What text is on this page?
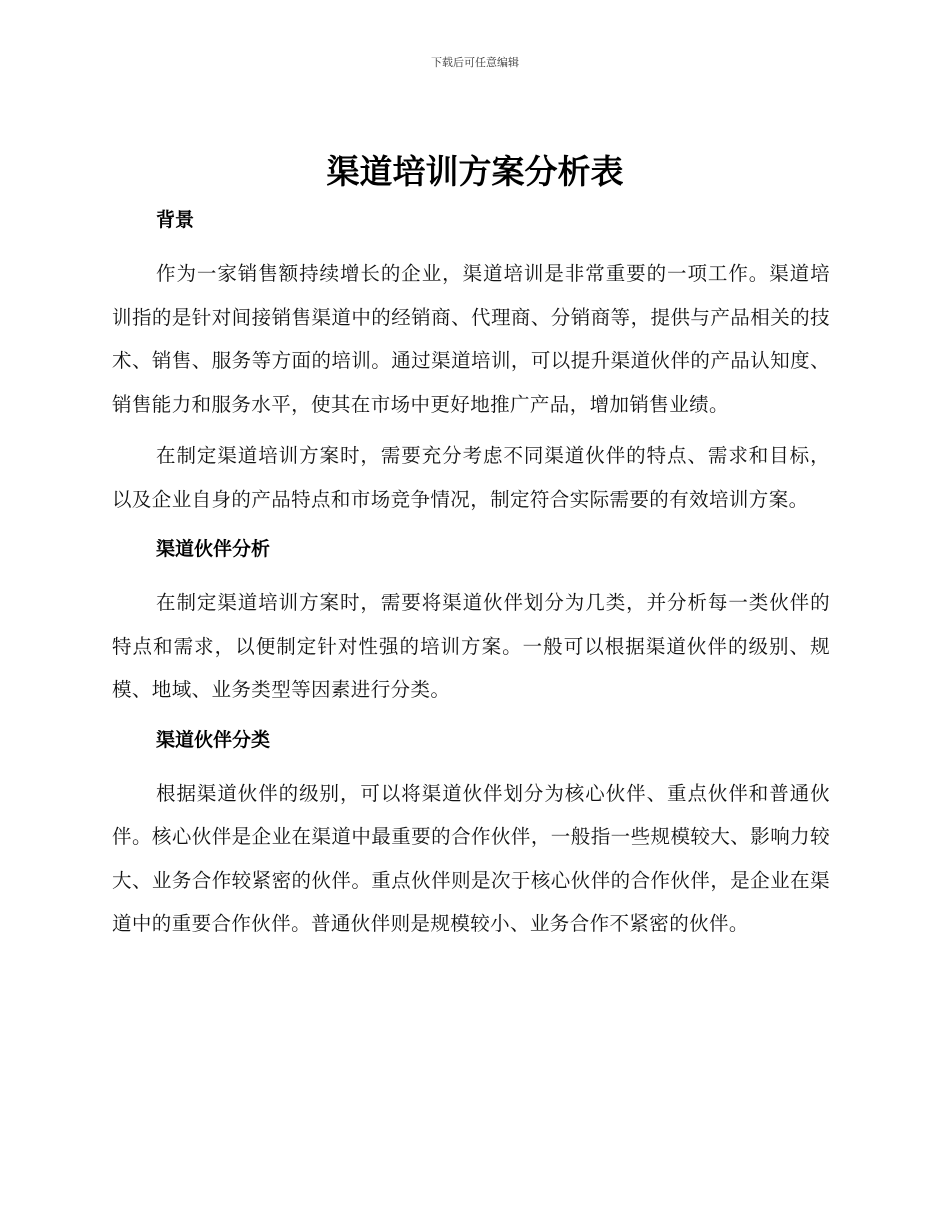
下载后可任意编辑
渠道培训方案分析表
背景

作为一家销售额持续增长的企业，渠道培训是非常重要的一项工作。渠道培训指的是针对间接销售渠道中的经销商、代理商、分销商等，提供与产品相关的技术、销售、服务等方面的培训。通过渠道培训，可以提升渠道伙伴的产品认知度、销售能力和服务水平，使其在市场中更好地推广产品，增加销售业绩。

在制定渠道培训方案时，需要充分考虑不同渠道伙伴的特点、需求和目标，以及企业自身的产品特点和市场竞争情况，制定符合实际需要的有效培训方案。

渠道伙伴分析

在制定渠道培训方案时，需要将渠道伙伴划分为几类，并分析每一类伙伴的特点和需求，以便制定针对性强的培训方案。一般可以根据渠道伙伴的级别、规模、地域、业务类型等因素进行分类。

渠道伙伴分类

根据渠道伙伴的级别，可以将渠道伙伴划分为核心伙伴、重点伙伴和普通伙伴。核心伙伴是企业在渠道中最重要的合作伙伴，一般指一些规模较大、影响力较大、业务合作较紧密的伙伴。重点伙伴则是次于核心伙伴的合作伙伴，是企业在渠道中的重要合作伙伴。普通伙伴则是规模较小、业务合作不紧密的伙伴。
